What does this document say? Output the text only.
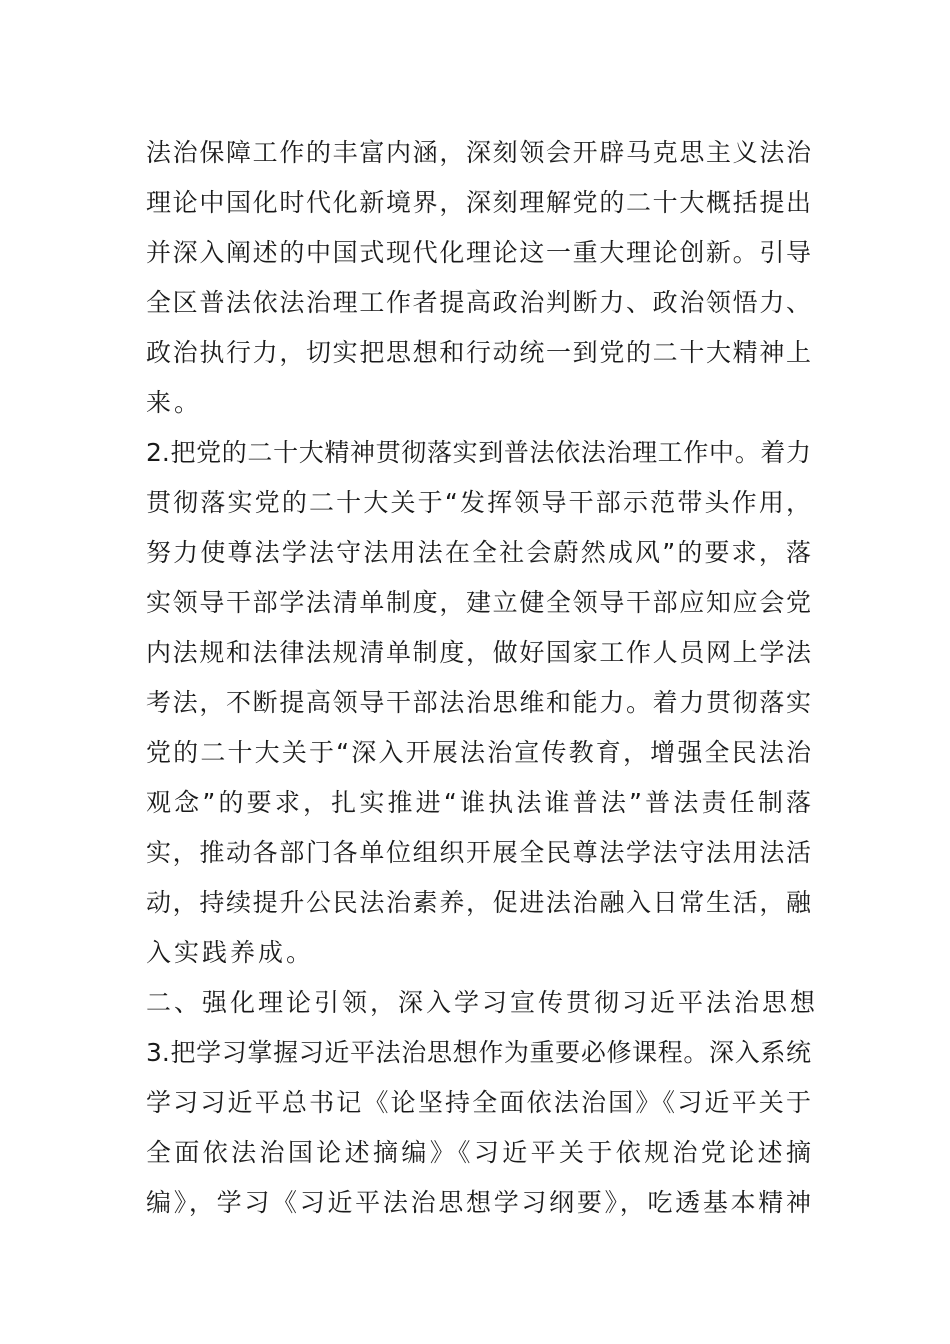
法治保障工作的丰富内涵，深刻领会开辟马克思主义法治
理论中国化时代化新境界，深刻理解党的二十大概括提出
并深入阐述的中国式现代化理论这一重大理论创新。引导
全区普法依法治理工作者提高政治判断力、政治领悟力、
政治执行力，切实把思想和行动统一到党的二十大精神上
来。
2.把党的二十大精神贯彻落实到普法依法治理工作中。着力
贯彻落实党的二十大关于“发挥领导干部示范带头作用，
努力使尊法学法守法用法在全社会蔚然成风”的要求，落
实领导干部学法清单制度，建立健全领导干部应知应会党
内法规和法律法规清单制度，做好国家工作人员网上学法
考法，不断提高领导干部法治思维和能力。着力贯彻落实
党的二十大关于“深入开展法治宣传教育，增强全民法治
观念”的要求，扎实推进“谁执法谁普法”普法责任制落
实，推动各部门各单位组织开展全民尊法学法守法用法活
动，持续提升公民法治素养，促进法治融入日常生活，融
入实践养成。
二、强化理论引领，深入学习宣传贯彻习近平法治思想
3.把学习掌握习近平法治思想作为重要必修课程。深入系统
学习习近平总书记《论坚持全面依法治国》《习近平关于
全面依法治国论述摘编》《习近平关于依规治党论述摘
编》，学习《习近平法治思想学习纲要》，吃透基本精神
